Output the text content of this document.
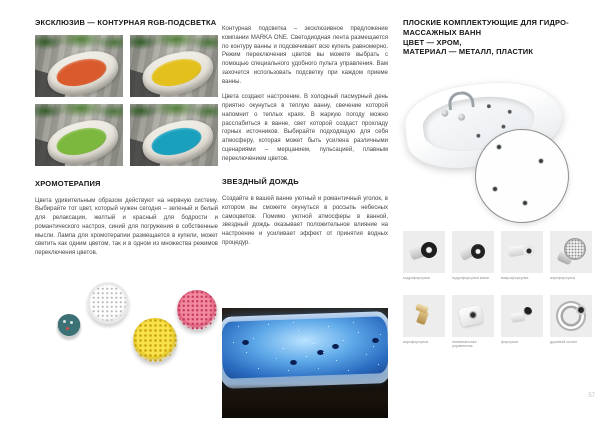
ЭКСКЛЮЗИВ — КОНТУРНАЯ RGB-ПОДСВЕТКА
ХРОМОТЕРАПИЯ
Цвета удивительным образом действуют на нервную систему. Выбирайте тот цвет, который нужен сегодня – зеленый и белый для релаксации, желтый и красный для бодрости и романтического настроя, синий для погружения в собственные мысли. Лампа для хромотерапии размещается в купели, может светить как одним цветом, так и в одном из множества режимов переключения цветов.
Контурная подсветка – эксклюзивное предложение компании MARKA ONE. Светодиодная лента размещается по контуру ванны и подсвечивает всю купель равномерно. Режим переключения цветов вы можете выбрать с помощью специального удобного пульта управления. Вам захочется использовать подсветку при каждом приеме ванны.
Цвета создают настроение. В холодный пасмурный день приятно окунуться в теплую ванну, свечение которой напомнит о теплых краях. В жаркую погоду можно расслабиться в ванне, свет которой создаст прохладу горных источников. Выбирайте подходящую для себя атмосферу, которая может быть усилена различными сценариями – мерцанием, пульсацией, плавным переключением цветов.
ЗВЕЗДНЫЙ ДОЖДЬ
Создайте в вашей ванне уютный и романтичный уголок, в котором вы сможете окунуться в россыпь небесных самоцветов. Помимо уютной атмосферы в ванной, звездный дождь оказывает положительное влияние на настроение и усиливает эффект от принятия водных процедур.
ПЛОСКИЕ КОМПЛЕКТУЮЩИЕ ДЛЯ ГИДРО-
МАССАЖНЫХ ВАНН
ЦВЕТ — ХРОМ,
МАТЕРИАЛ — МЕТАЛЛ, ПЛАСТИК
гидрофорсунка	гидрофорсунка мини	микрофорсунка	аэрофорсунка
аэрофорсунка	пневмокнопка управления
форсунка	душевой шланг
57
